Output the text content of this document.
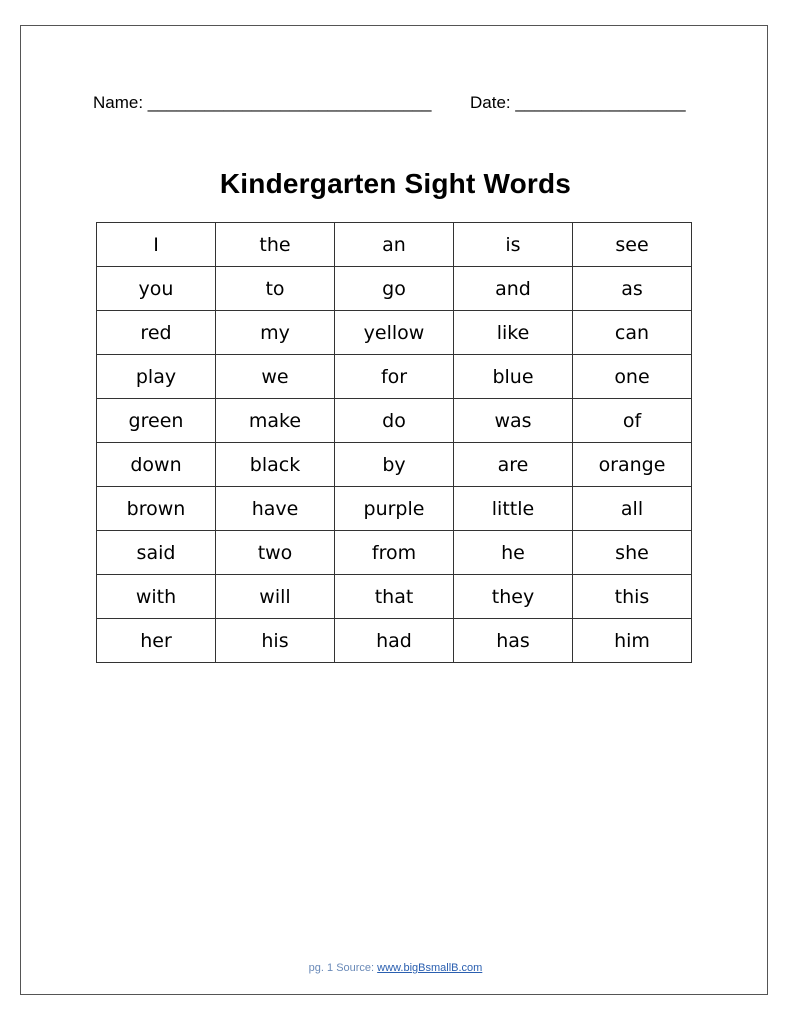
Name: ______________________________ Date: __________________
Kindergarten Sight Words
I	the	an	is	see
you	to	go	and	as
red	my	yellow	like	can
play	we	for	blue	one
green	make	do	was	of
down	black	by	are	orange
brown	have	purple	little	all
said	two	from	he	she
with	will	that	they	this
her	his	had	has	him
pg. 1 Source: www.bigBsmallB.com
